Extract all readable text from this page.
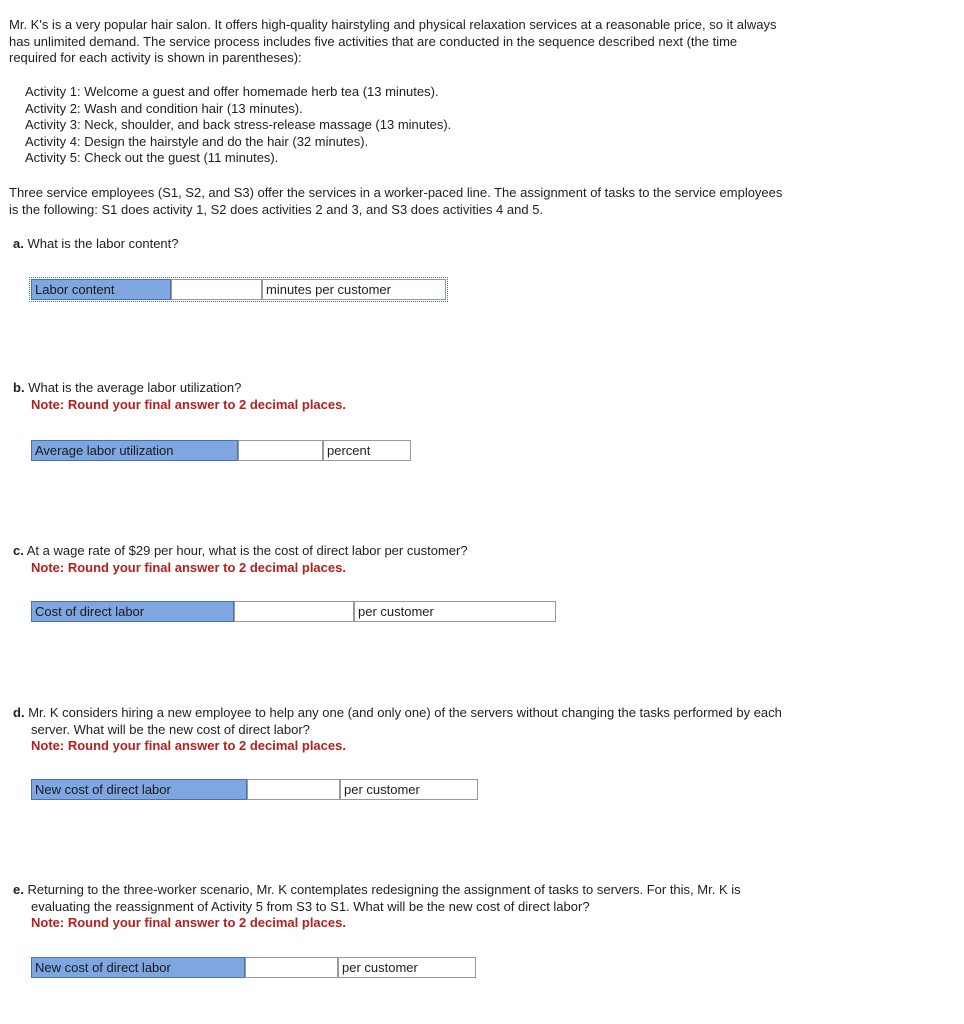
Mr. K's is a very popular hair salon. It offers high-quality hairstyling and physical relaxation services at a reasonable price, so it always
has unlimited demand. The service process includes five activities that are conducted in the sequence described next (the time
required for each activity is shown in parentheses):
Activity 1: Welcome a guest and offer homemade herb tea (13 minutes).
Activity 2: Wash and condition hair (13 minutes).
Activity 3: Neck, shoulder, and back stress-release massage (13 minutes).
Activity 4: Design the hairstyle and do the hair (32 minutes).
Activity 5: Check out the guest (11 minutes).
Three service employees (S1, S2, and S3) offer the services in a worker-paced line. The assignment of tasks to the service employees
is the following: S1 does activity 1, S2 does activities 2 and 3, and S3 does activities 4 and 5.
a. What is the labor content?
Labor content	minutes per customer
b. What is the average labor utilization?
Note: Round your final answer to 2 decimal places.
Average labor utilization	percent
c. At a wage rate of $29 per hour, what is the cost of direct labor per customer?
Note: Round your final answer to 2 decimal places.
Cost of direct labor	per customer
d. Mr. K considers hiring a new employee to help any one (and only one) of the servers without changing the tasks performed by each
server. What will be the new cost of direct labor?
Note: Round your final answer to 2 decimal places.
New cost of direct labor	per customer
e. Returning to the three-worker scenario, Mr. K contemplates redesigning the assignment of tasks to servers. For this, Mr. K is
evaluating the reassignment of Activity 5 from S3 to S1. What will be the new cost of direct labor?
Note: Round your final answer to 2 decimal places.
New cost of direct labor	per customer
